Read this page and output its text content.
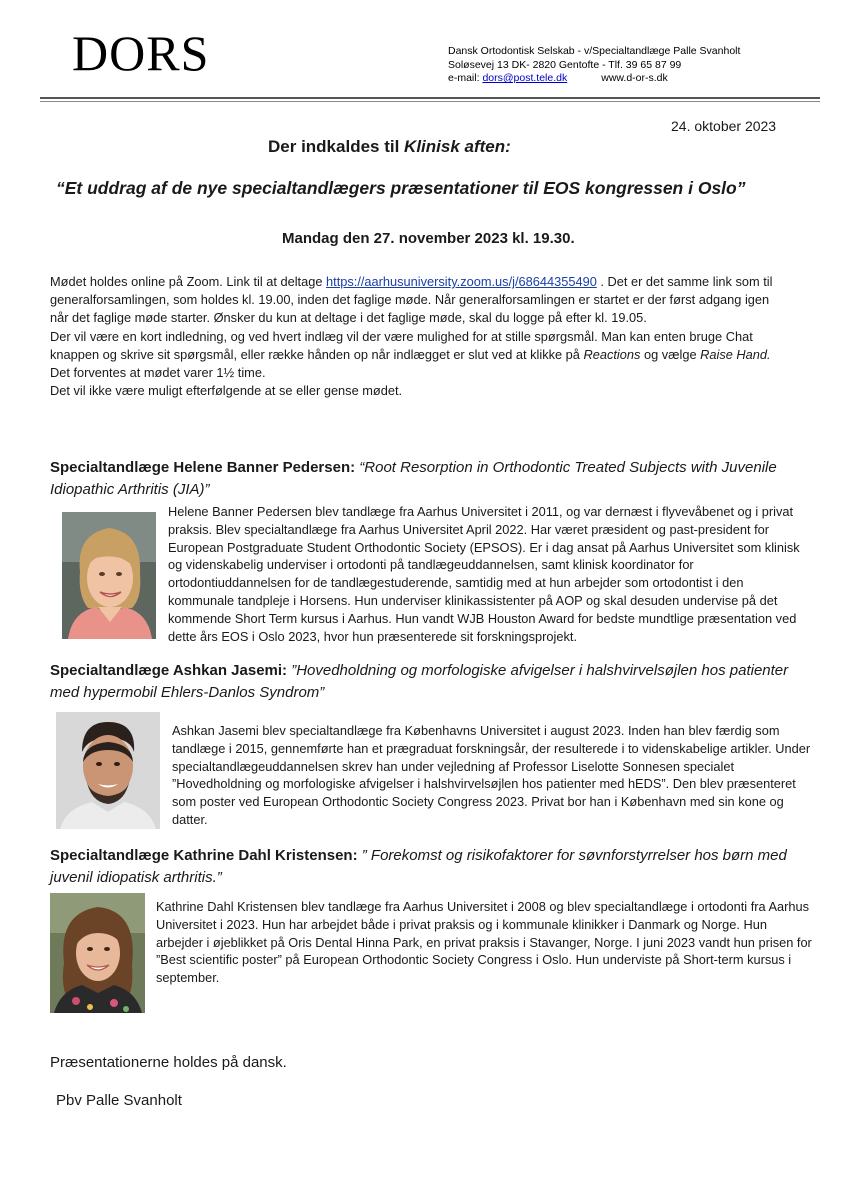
DORS	Dansk Ortodontisk Selskab - v/Specialtandlæge Palle Svanholt
Soløsevej 13 DK- 2820 Gentofte - Tlf. 39 65 87 99
e-mail: dors@post.tele.dk	www.d-or-s.dk
24. oktober 2023
Der indkaldes til Klinisk aften:
“Et uddrag af de nye specialtandlægers præsentationer til EOS kongressen i Oslo”
Mandag den 27. november 2023 kl. 19.30.

Mødet holdes online på Zoom. Link til at deltage https://aarhusuniversity.zoom.us/j/68644355490 . Det er det samme link som til generalforsamlingen, som holdes kl. 19.00, inden det faglige møde. Når generalforsamlingen er startet er der først adgang igen når det faglige møde starter. Ønsker du kun at deltage i det faglige møde, skal du logge på efter kl. 19.05.

Der vil være en kort indledning, og ved hvert indlæg vil der være mulighed for at stille spørgsmål. Man kan enten bruge Chat knappen og skrive sit spørgsmål, eller række hånden op når indlægget er slut ved at klikke på Reactions og vælge Raise Hand.

Det forventes at mødet varer 1½ time.

Det vil ikke være muligt efterfølgende at se eller gense mødet.

Specialtandlæge Helene Banner Pedersen: “Root Resorption in Orthodontic Treated Subjects with Juvenile Idiopathic Arthritis (JIA)”
Helene Banner Pedersen blev tandlæge fra Aarhus Universitet i 2011, og var dernæst i flyvevåbenet og i privat praksis. Blev specialtandlæge fra Aarhus Universitet April 2022. Har været præsident og past-president for European Postgraduate Student Orthodontic Society (EPSOS). Er i dag ansat på Aarhus Universitet som klinisk og videnskabelig underviser i ortodonti på tandlægeuddannelsen, samt klinisk koordinator for ortodontiuddannelsen for de tandlægestuderende, samtidig med at hun arbejder som ortodontist i den kommunale tandpleje i Horsens. Hun underviser klinikassistenter på AOP og skal desuden undervise på det kommende Short Term kursus i Aarhus. Hun vandt WJB Houston Award for bedste mundtlige præsentation ved dette års EOS i Oslo 2023, hvor hun præsenterede sit forskningsprojekt.
Specialtandlæge Ashkan Jasemi: ”Hovedholdning og morfologiske afvigelser i halshvirvelsøjlen hos patienter med hypermobil Ehlers-Danlos Syndrom”
Ashkan Jasemi blev specialtandlæge fra Københavns Universitet i august 2023. Inden han blev færdig som tandlæge i 2015, gennemførte han et prægraduat forskningsår, der resulterede i to videnskabelige artikler. Under specialtandlægeuddannelsen skrev han under vejledning af Professor Liselotte Sonnesen specialet ”Hovedholdning og morfologiske afvigelser i halshvirvelsøjlen hos patienter med hEDS”. Den blev præsenteret som poster ved European Orthodontic Society Congress 2023. Privat bor han i København med sin kone og datter.
Specialtandlæge Kathrine Dahl Kristensen: ” Forekomst og risikofaktorer for søvnforstyrrelser hos børn med juvenil idiopatisk arthritis.”
Kathrine Dahl Kristensen blev tandlæge fra Aarhus Universitet i 2008 og blev specialtandlæge i ortodonti fra Aarhus Universitet i 2023. Hun har arbejdet både i privat praksis og i kommunale klinikker i Danmark og Norge. Hun arbejder i øjeblikket på Oris Dental Hinna Park, en privat praksis i Stavanger, Norge. I juni 2023 vandt hun prisen for ”Best scientific poster” på European Orthodontic Society Congress i Oslo. Hun underviste på Short-term kursus i september.
Præsentationerne holdes på dansk.
Pbv Palle Svanholt
